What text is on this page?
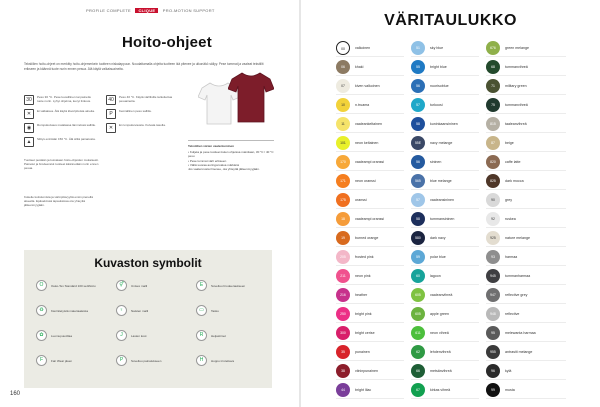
PROFILE COMPLETE CLIQUE PRO-MOTION SUPPORT
Hoito-ohjeet
Tekstiilien hoito-ohjeet on merkitty hoito-ohjemerkein tuotteen niskalappuun. Noudattamalla ohjeita tuotteen ikä pitenee ja ulkonäkö säilyy. Pese tummat ja vaaleat tekstiilit erikseen ja käännä tuote nurin ennen pesua. Älä käytä valkaisuaineita.
30	Pesu 30 °C. Pese kuosillinen tai painettu tuote nurin. Lyhyt ohjelma, kevyt linkous.
✕	Ei valkaisua. Älä käytä klooripitoisia aineita.
◉	Rumpukuivaus matalassa lämmössä sallittu.
▲	Silitys enintään 150 °C. Älä silitä painatusta.
40	Pesu 40 °C. Käytä värillisille tarkoitettua pesuainetta.
P	Kemiallinen pesu sallittu.
✕	Ei rumpukuivausta. Kuivata tasolla.
Tuotteet pestään ja kuivataan hoito-ohjeiden mukaisesti. Painetut ja brodeeratut tuotteet käännetään nurin ennen pesua.
Kokeile kutistumista ja värinpitävyyttä ensin pienellä alueella. Epäselvissä tapauksissa ota yhteyttä jälleenmyyjään.
Tekstiilien värien vaalentuminen
• Kuljeta ja pese tuotteet kuten ohjeissa mainitaan, 30 °C / 40 °C pesu
• Pese tummat värit erikseen
• Vältä suoraa auringonvaloa märkänä
Jos vaalennusta ilmenee, ota yhteyttä jälleenmyyjään.
Kuvaston symbolit
O	Oeko-Tex Standard 100 sertifioitu
♻	Kierrätetyistä materiaaleista
✿	Luomupuuvillaa
F	Fair Wear jäsen
⚥	Unisex malli
♀	Naisten malli
J	Lasten koot
P	Soveltuu painatukseen
E	Soveltuu brodeeraukseen
▭	Tasku
R	Heijastimet
H	Huppu irrotettava
160
VÄRITAULUKKO
00	valkoinen
06	khaki
07	kiven valkoinen
10	n.truama
11	vaaleankeltainen
101	neon keltainen
170	vaaleampi oranssi
171	neon oranssi
175	oranssi
18	vaaleampi oranssi
19	burned orange
205	frosted pink
211	neon pink
216	heather
250	bright pink
300	bright cerise
35	punainen
38	viininpunainen
44	bright lilac
51	sky blue
55	bright blue
56	nuorisoblue
57	turkoosi
58	kuninkaansininen
55E	navy melange
56	sininen
565	blue melange
57	vaaleansininen
58	tummansininen
580	dark navy
59	polar blue
60	lagoon
605	vaaleanvihreä
605	apple green
611	neon vihreä
62	lehdenvihreä
66	metsänvihreä
67	kirkas vihreä
676	green melange
68	tummanvihreä
71	military green
75	tummanvihreä
815	taaleanvihreä
87	beige
820	caffe latte
825	dark mocca
90	grey
92	ruskea
925	nature melange
93	harmaa
945	tummanharmaa
947	reflective grey
948	reflective
95	melewanta harmaa
955	antrasiti melange
96	kylä
99	musta
